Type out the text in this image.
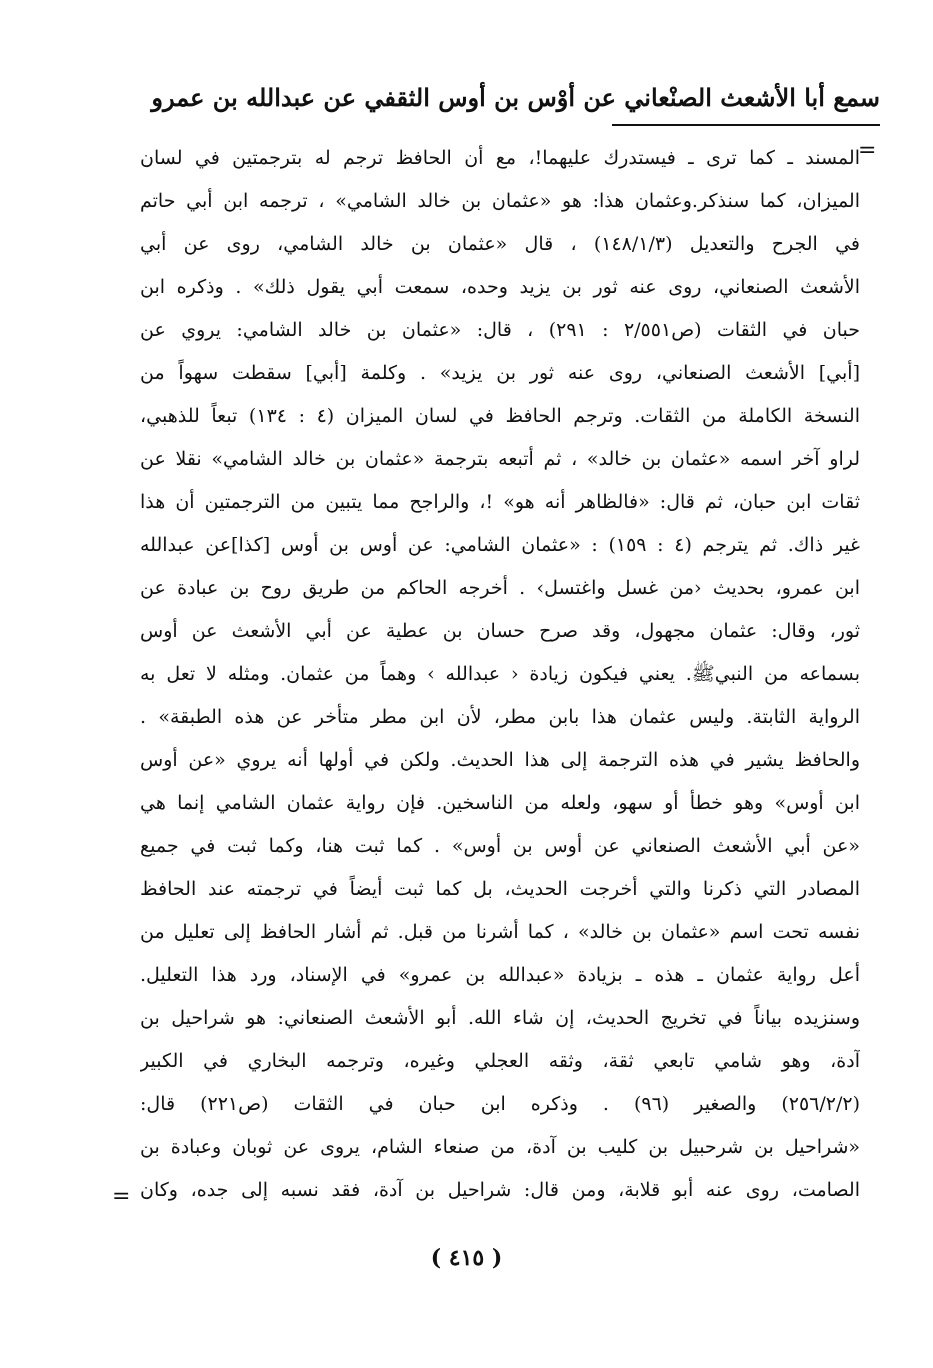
سمع أبا الأشعث الصنْعاني عن أوْس بن أوس الثقفي عن عبدالله بن عمرو
=
المسند ـ كما ترى ـ فيستدرك عليهما!، مع أن الحافظ ترجم له بترجمتين في لسان
الميزان، كما سنذكر.وعثمان هذا: هو «عثمان بن خالد الشامي» ، ترجمه ابن أبي حاتم
في الجرح والتعديل (١٤٨/١/٣) ، قال «عثمان بن خالد الشامي، روى عن أبي
الأشعث الصنعاني، روى عنه ثور بن يزيد وحده، سمعت أبي يقول ذلك» . وذكره ابن
حبان في الثقات (ص٢/٥٥١ : ٢٩١) ، قال: «عثمان بن خالد الشامي: يروي عن
[أبي] الأشعث الصنعاني، روى عنه ثور بن يزيد» . وكلمة [أبي] سقطت سهواً من
النسخة الكاملة من الثقات. وترجم الحافظ في لسان الميزان (٤ : ١٣٤) تبعاً للذهبي،
لراو آخر اسمه «عثمان بن خالد» ، ثم أتبعه بترجمة «عثمان بن خالد الشامي» نقلا عن
ثقات ابن حبان، ثم قال: «فالظاهر أنه هو» !، والراجح مما يتبين من الترجمتين أن هذا
غير ذاك. ثم يترجم (٤ : ١٥٩) : «عثمان الشامي: عن أوس بن أوس [كذا]عن عبدالله
ابن عمرو، بحديث ‹من غسل واغتسل› . أخرجه الحاكم من طريق روح بن عبادة عن
ثور، وقال: عثمان مجهول، وقد صرح حسان بن عطية عن أبي الأشعث عن أوس
بسماعه من النبيﷺ. يعني فيكون زيادة ‹ عبدالله › وهماً من عثمان. ومثله لا تعل به
الرواية الثابتة. وليس عثمان هذا بابن مطر، لأن ابن مطر متأخر عن هذه الطبقة» .
والحافظ يشير في هذه الترجمة إلى هذا الحديث. ولكن في أولها أنه يروي «عن أوس
ابن أوس» وهو خطأ أو سهو، ولعله من الناسخين. فإن رواية عثمان الشامي إنما هي
«عن أبي الأشعث الصنعاني عن أوس بن أوس» . كما ثبت هنا، وكما ثبت في جميع
المصادر التي ذكرنا والتي أخرجت الحديث، بل كما ثبت أيضاً في ترجمته عند الحافظ
نفسه تحت اسم «عثمان بن خالد» ، كما أشرنا من قبل. ثم أشار الحافظ إلى تعليل من
أعل رواية عثمان ـ هذه ـ بزيادة «عبدالله بن عمرو» في الإسناد، ورد هذا التعليل.
وسنزيده بياناً في تخريج الحديث، إن شاء الله. أبو الأشعث الصنعاني: هو شراحيل بن
آدة، وهو شامي تابعي ثقة، وثقه العجلي وغيره، وترجمه البخاري في الكبير
(٢٥٦/٢/٢) والصغير (٩٦) . وذكره ابن حبان في الثقات (ص٢٢١) قال:
«شراحيل بن شرحبيل بن كليب بن آدة، من صنعاء الشام، يروى عن ثوبان وعبادة بن
الصامت، روى عنه أبو قلابة، ومن قال: شراحيل بن آدة، فقد نسبه إلى جده، وكان
=
( ٤١٥ )
